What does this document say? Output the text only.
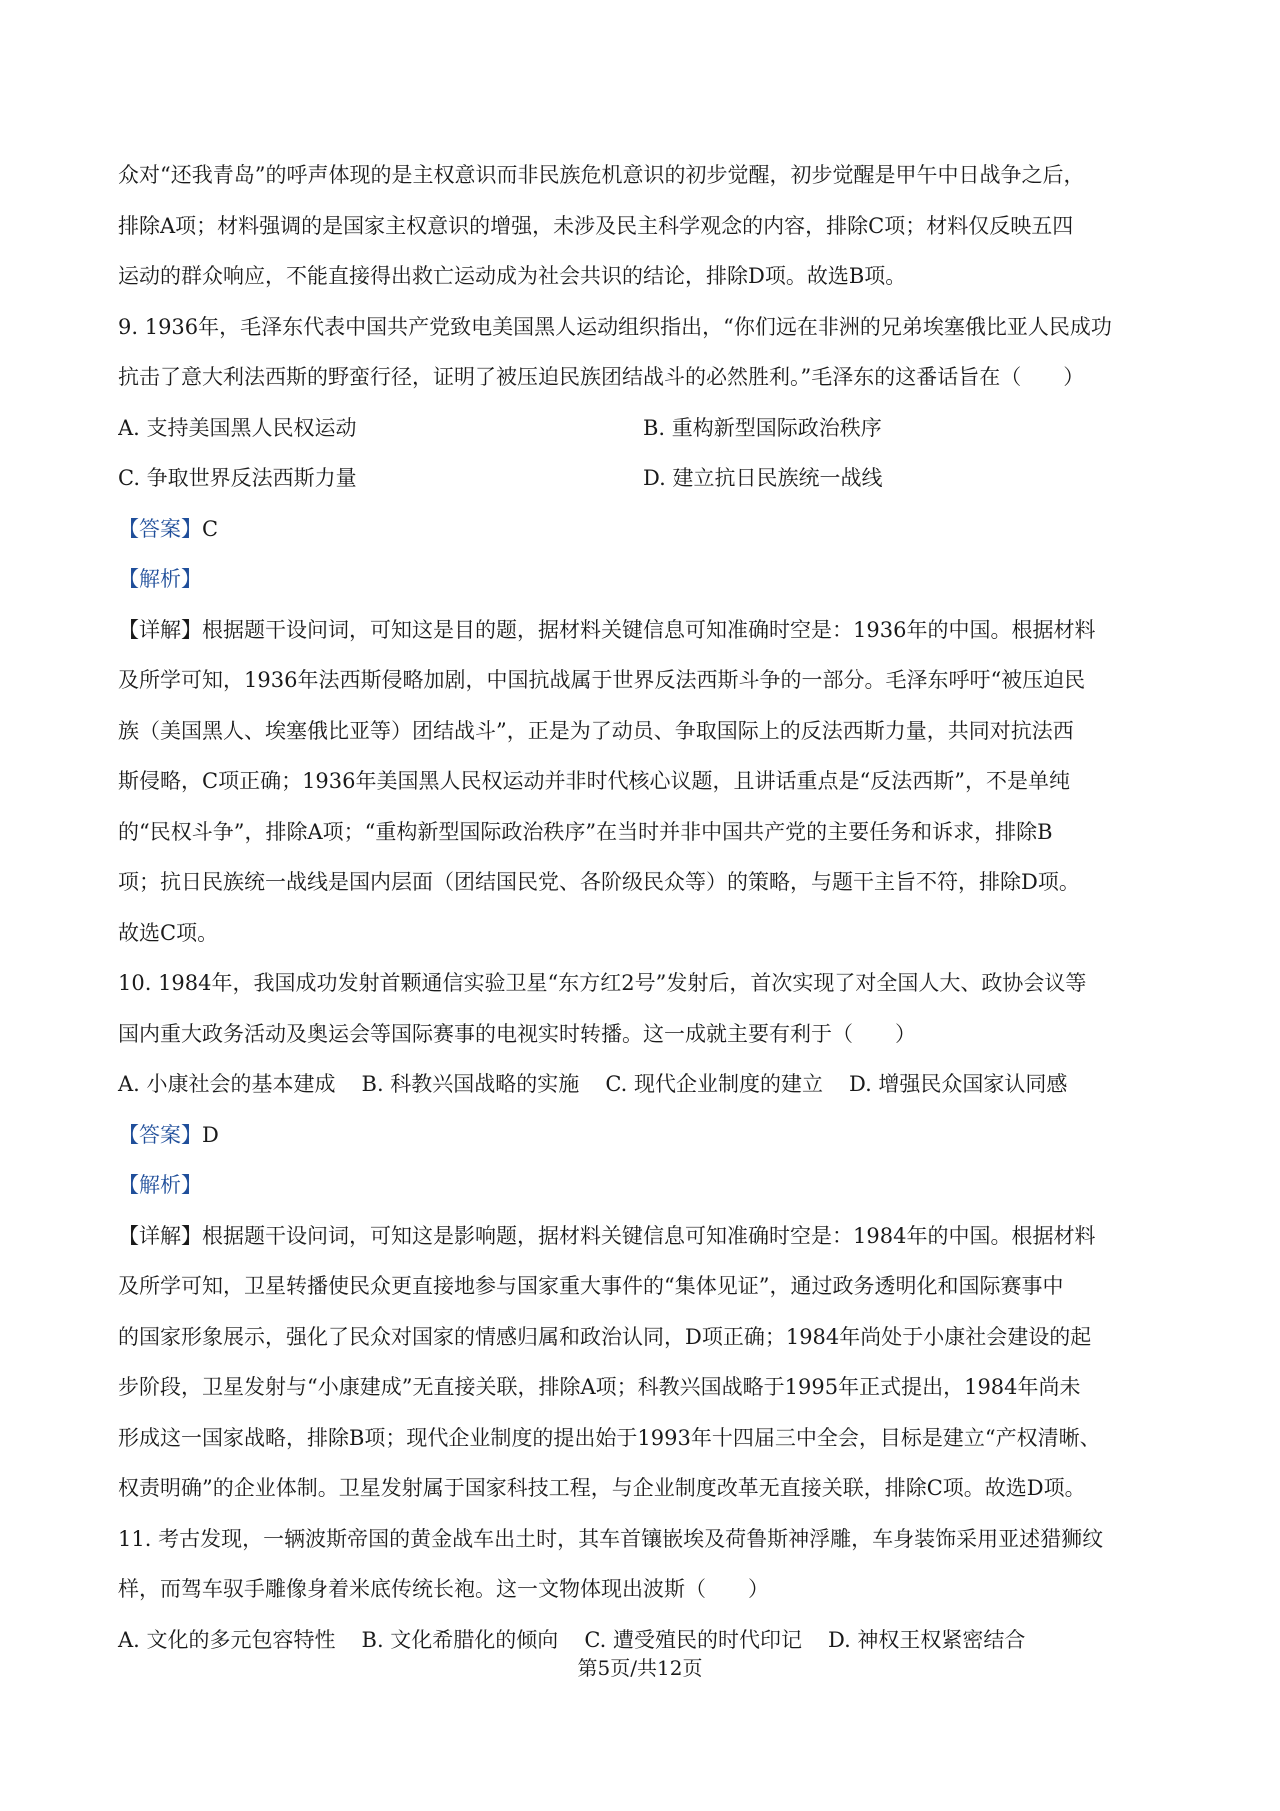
众对“还我青岛”的呼声体现的是主权意识而非民族危机意识的初步觉醒，初步觉醒是甲午中日战争之后，
排除A项；材料强调的是国家主权意识的增强，未涉及民主科学观念的内容，排除C项；材料仅反映五四
运动的群众响应，不能直接得出救亡运动成为社会共识的结论，排除D项。故选B项。
9. 1936年，毛泽东代表中国共产党致电美国黑人运动组织指出，“你们远在非洲的兄弟埃塞俄比亚人民成功
抗击了意大利法西斯的野蛮行径，证明了被压迫民族团结战斗的必然胜利。”毛泽东的这番话旨在（　　）
A. 支持美国黑人民权运动	B. 重构新型国际政治秩序
C. 争取世界反法西斯力量	D. 建立抗日民族统一战线
【答案】C
【解析】
【详解】根据题干设问词，可知这是目的题，据材料关键信息可知准确时空是：1936年的中国。根据材料
及所学可知，1936年法西斯侵略加剧，中国抗战属于世界反法西斯斗争的一部分。毛泽东呼吁“被压迫民
族（美国黑人、埃塞俄比亚等）团结战斗”，正是为了动员、争取国际上的反法西斯力量，共同对抗法西
斯侵略，C项正确；1936年美国黑人民权运动并非时代核心议题，且讲话重点是“反法西斯”，不是单纯
的“民权斗争”，排除A项；“重构新型国际政治秩序”在当时并非中国共产党的主要任务和诉求，排除B
项；抗日民族统一战线是国内层面（团结国民党、各阶级民众等）的策略，与题干主旨不符，排除D项。
故选C项。
10. 1984年，我国成功发射首颗通信实验卫星“东方红2号”发射后，首次实现了对全国人大、政协会议等
国内重大政务活动及奥运会等国际赛事的电视实时转播。这一成就主要有利于（　　）
A. 小康社会的基本建成 B. 科教兴国战略的实施 C. 现代企业制度的建立 D. 增强民众国家认同感
【答案】D
【解析】
【详解】根据题干设问词，可知这是影响题，据材料关键信息可知准确时空是：1984年的中国。根据材料
及所学可知，卫星转播使民众更直接地参与国家重大事件的“集体见证”，通过政务透明化和国际赛事中
的国家形象展示，强化了民众对国家的情感归属和政治认同，D项正确；1984年尚处于小康社会建设的起
步阶段，卫星发射与“小康建成”无直接关联，排除A项；科教兴国战略于1995年正式提出，1984年尚未
形成这一国家战略，排除B项；现代企业制度的提出始于1993年十四届三中全会，目标是建立“产权清晰、
权责明确”的企业体制。卫星发射属于国家科技工程，与企业制度改革无直接关联，排除C项。故选D项。
11. 考古发现，一辆波斯帝国的黄金战车出土时，其车首镶嵌埃及荷鲁斯神浮雕，车身装饰采用亚述猎狮纹
样，而驾车驭手雕像身着米底传统长袍。这一文物体现出波斯（　　）
A. 文化的多元包容特性 B. 文化希腊化的倾向 C. 遭受殖民的时代印记 D. 神权王权紧密结合
第5页/共12页
